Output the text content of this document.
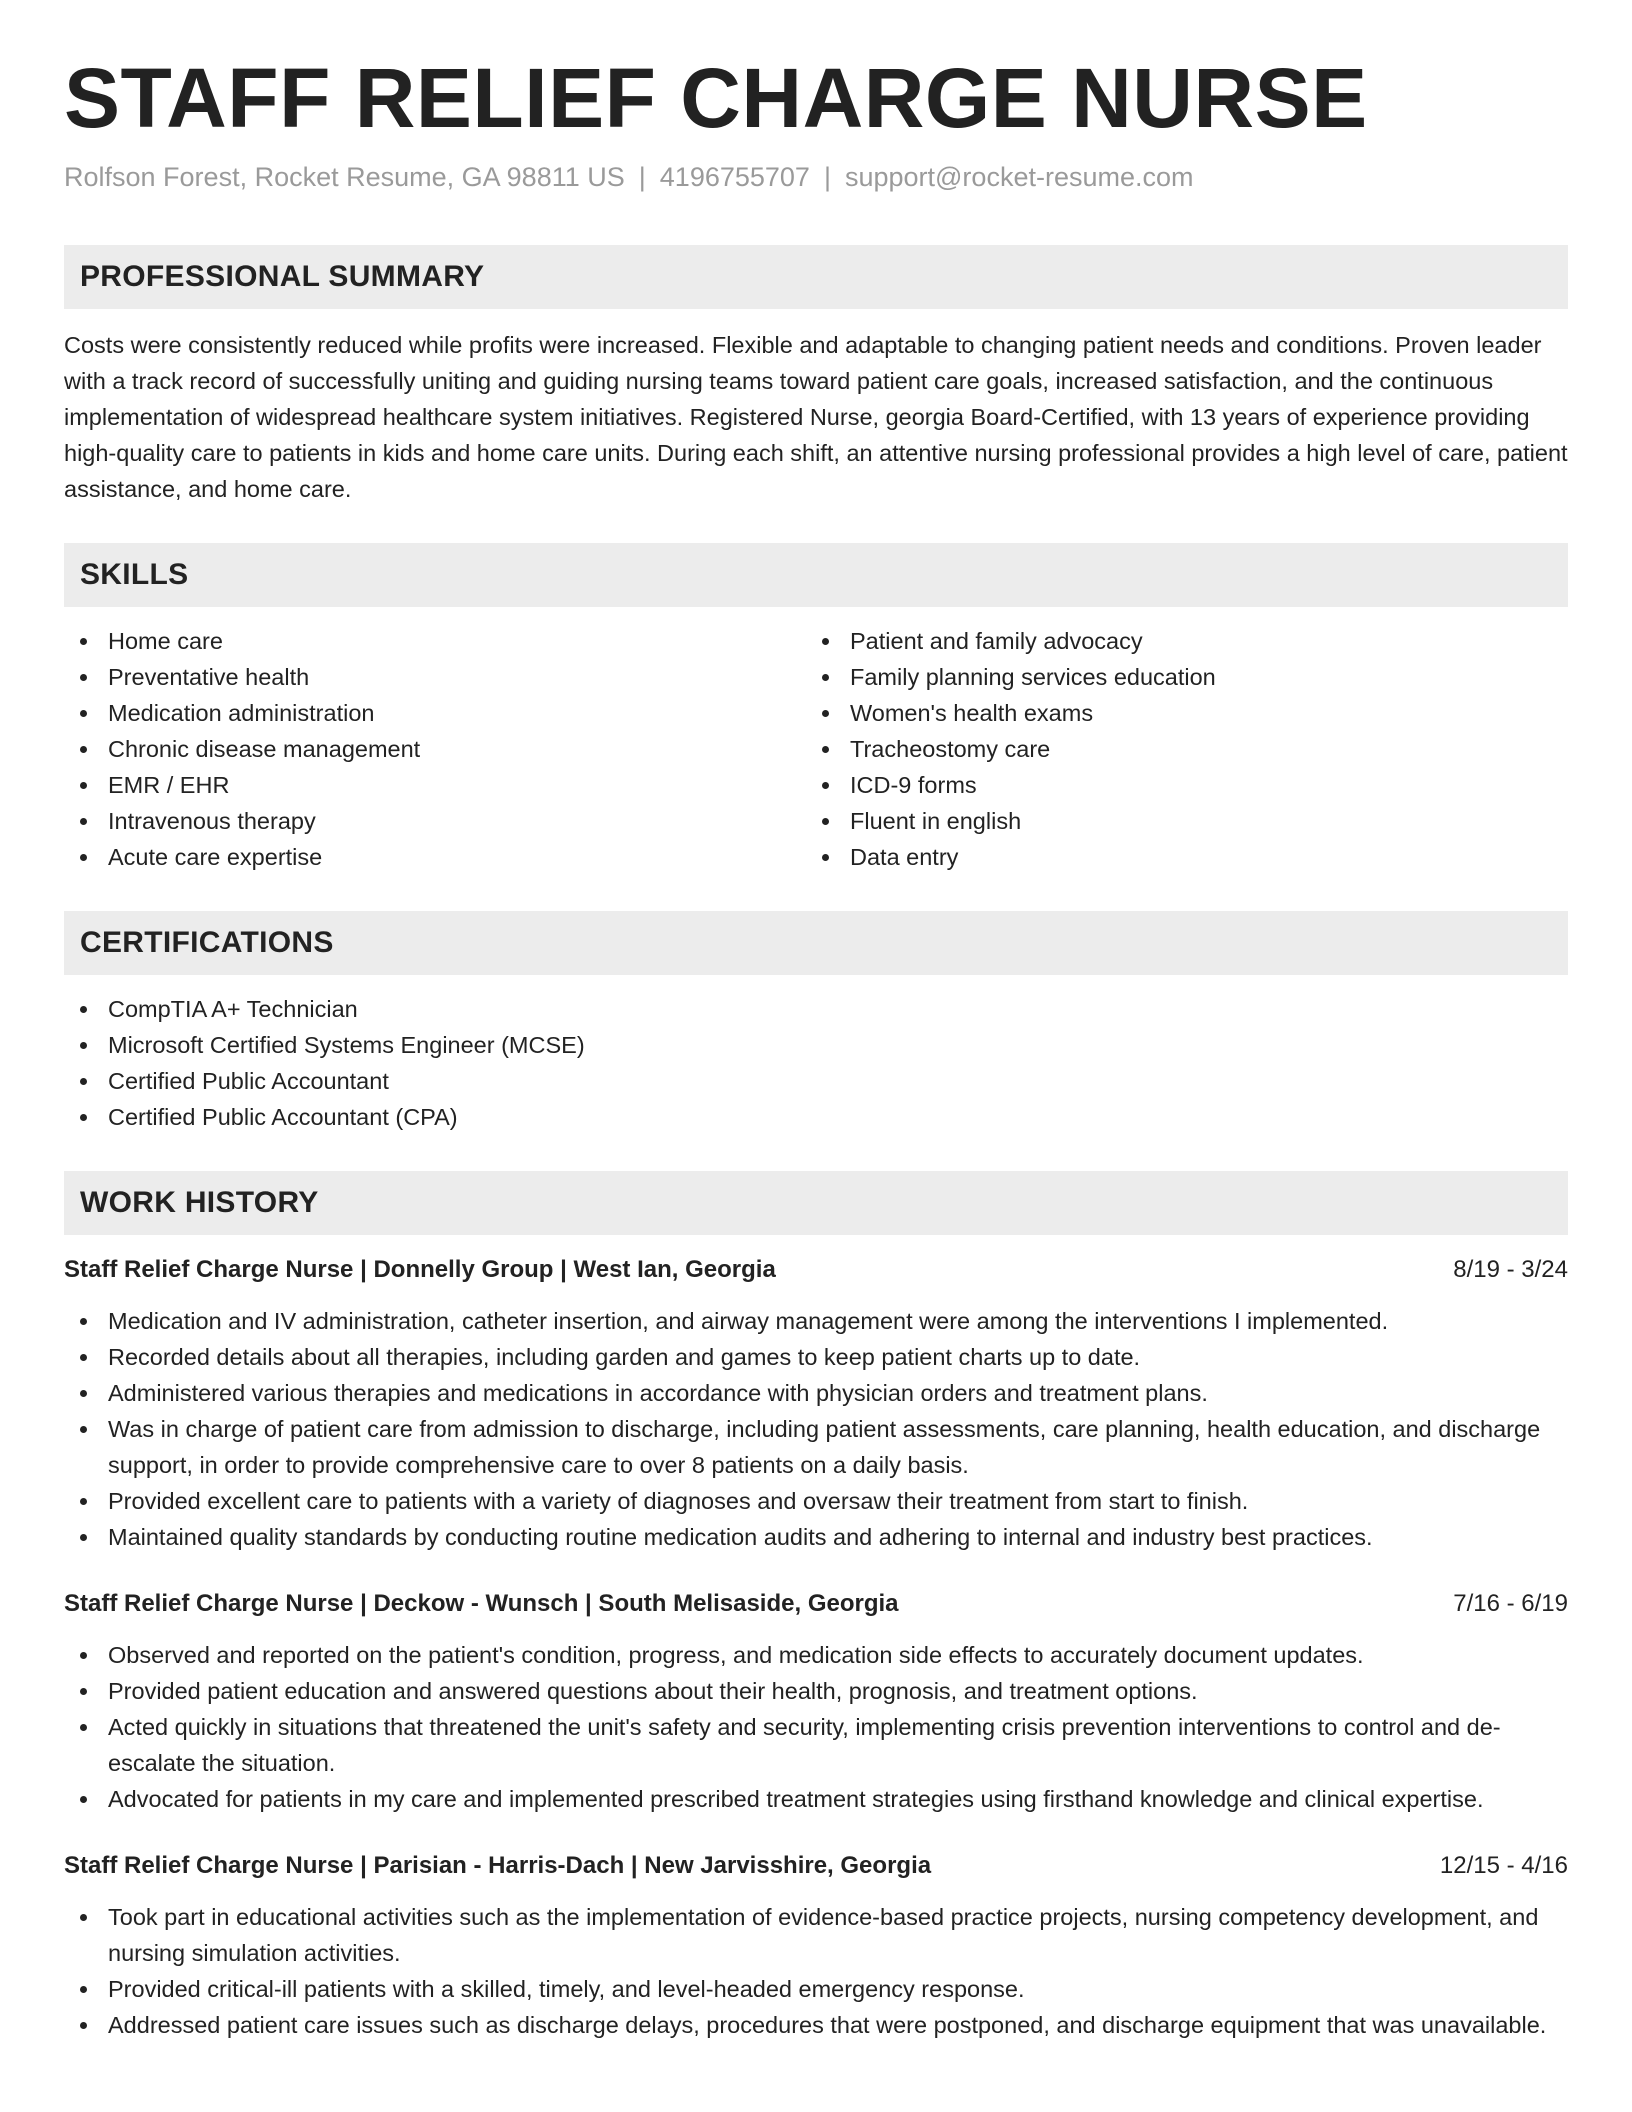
STAFF RELIEF CHARGE NURSE
Rolfson Forest, Rocket Resume, GA 98811 US | 4196755707 | support@rocket-resume.com
PROFESSIONAL SUMMARY

Costs were consistently reduced while profits were increased. Flexible and adaptable to changing patient needs and conditions. Proven leader with a track record of successfully uniting and guiding nursing teams toward patient care goals, increased satisfaction, and the continuous implementation of widespread healthcare system initiatives. Registered Nurse, georgia Board-Certified, with 13 years of experience providing high-quality care to patients in kids and home care units. During each shift, an attentive nursing professional provides a high level of care, patient assistance, and home care.

SKILLS
Home care
Preventative health
Medication administration
Chronic disease management
EMR / EHR
Intravenous therapy
Acute care expertise
Patient and family advocacy
Family planning services education
Women's health exams
Tracheostomy care
ICD-9 forms
Fluent in english
Data entry
CERTIFICATIONS
CompTIA A+ Technician
Microsoft Certified Systems Engineer (MCSE)
Certified Public Accountant
Certified Public Accountant (CPA)
WORK HISTORY
Staff Relief Charge Nurse | Donnelly Group | West Ian, Georgia	8/19 - 3/24
Medication and IV administration, catheter insertion, and airway management were among the interventions I implemented.
Recorded details about all therapies, including garden and games to keep patient charts up to date.
Administered various therapies and medications in accordance with physician orders and treatment plans.
Was in charge of patient care from admission to discharge, including patient assessments, care planning, health education, and discharge support, in order to provide comprehensive care to over 8 patients on a daily basis.
Provided excellent care to patients with a variety of diagnoses and oversaw their treatment from start to finish.
Maintained quality standards by conducting routine medication audits and adhering to internal and industry best practices.
Staff Relief Charge Nurse | Deckow - Wunsch | South Melisaside, Georgia	7/16 - 6/19
Observed and reported on the patient's condition, progress, and medication side effects to accurately document updates.
Provided patient education and answered questions about their health, prognosis, and treatment options.
Acted quickly in situations that threatened the unit's safety and security, implementing crisis prevention interventions to control and de-escalate the situation.
Advocated for patients in my care and implemented prescribed treatment strategies using firsthand knowledge and clinical expertise.
Staff Relief Charge Nurse | Parisian - Harris-Dach | New Jarvisshire, Georgia	12/15 - 4/16
Took part in educational activities such as the implementation of evidence-based practice projects, nursing competency development, and nursing simulation activities.
Provided critical-ill patients with a skilled, timely, and level-headed emergency response.
Addressed patient care issues such as discharge delays, procedures that were postponed, and discharge equipment that was unavailable.
